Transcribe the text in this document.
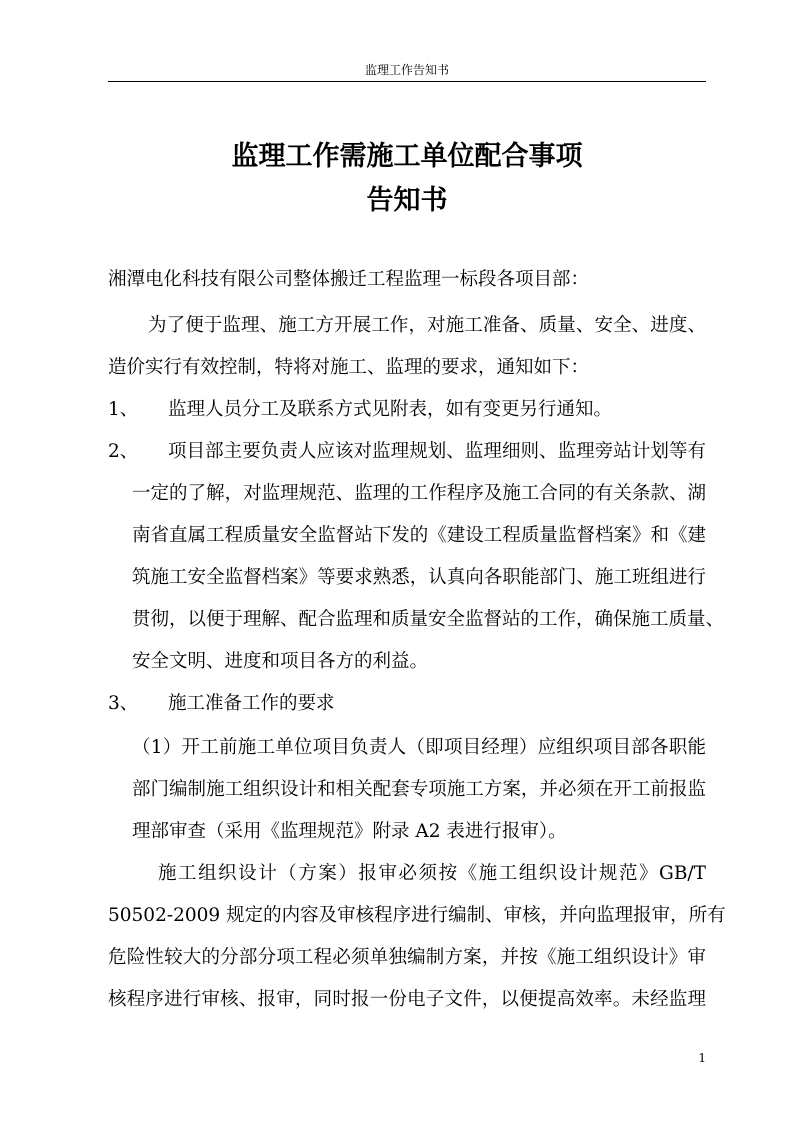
监理工作告知书
监理工作需施工单位配合事项
告知书
湘潭电化科技有限公司整体搬迁工程监理一标段各项目部：
为了便于监理、施工方开展工作，对施工准备、质量、安全、进度、
造价实行有效控制，特将对施工、监理的要求，通知如下：
1、 监理人员分工及联系方式见附表，如有变更另行通知。
2、 项目部主要负责人应该对监理规划、监理细则、监理旁站计划等有
一定的了解，对监理规范、监理的工作程序及施工合同的有关条款、湖
南省直属工程质量安全监督站下发的《建设工程质量监督档案》和《建
筑施工安全监督档案》等要求熟悉，认真向各职能部门、施工班组进行
贯彻，以便于理解、配合监理和质量安全监督站的工作，确保施工质量、
安全文明、进度和项目各方的利益。
3、 施工准备工作的要求
（1）开工前施工单位项目负责人（即项目经理）应组织项目部各职能
部门编制施工组织设计和相关配套专项施工方案，并必须在开工前报监
理部审查（采用《监理规范》附录 A2 表进行报审）。
施工组织设计（方案）报审必须按《施工组织设计规范》GB/T
50502-2009 规定的内容及审核程序进行编制、审核，并向监理报审，所有
危险性较大的分部分项工程必须单独编制方案，并按《施工组织设计》审
核程序进行审核、报审，同时报一份电子文件，以便提高效率。未经监理
1
